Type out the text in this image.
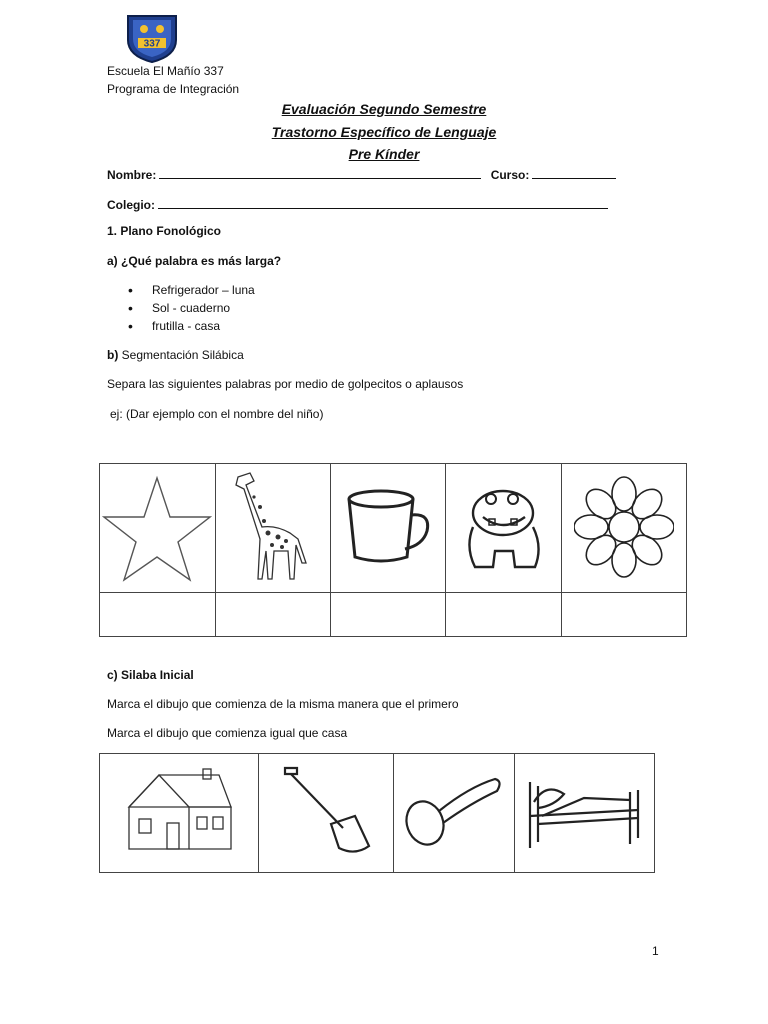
337
Escuela El Mañío 337
Programa de Integración
Evaluación Segundo Semestre
Trastorno Específico de Lenguaje
Pre Kínder
Nombre:	Curso:
Colegio:
1. Plano Fonológico
a) ¿Qué palabra es más larga?
• Refrigerador – luna
• Sol - cuaderno
• frutilla - casa
b) Segmentación Silábica
Separa las siguientes palabras por medio de golpecitos o aplausos
ej: (Dar ejemplo con el nombre del niño)

c) Silaba Inicial
Marca el dibujo que comienza de la misma manera que el primero
Marca el dibujo que comienza igual que casa

1
